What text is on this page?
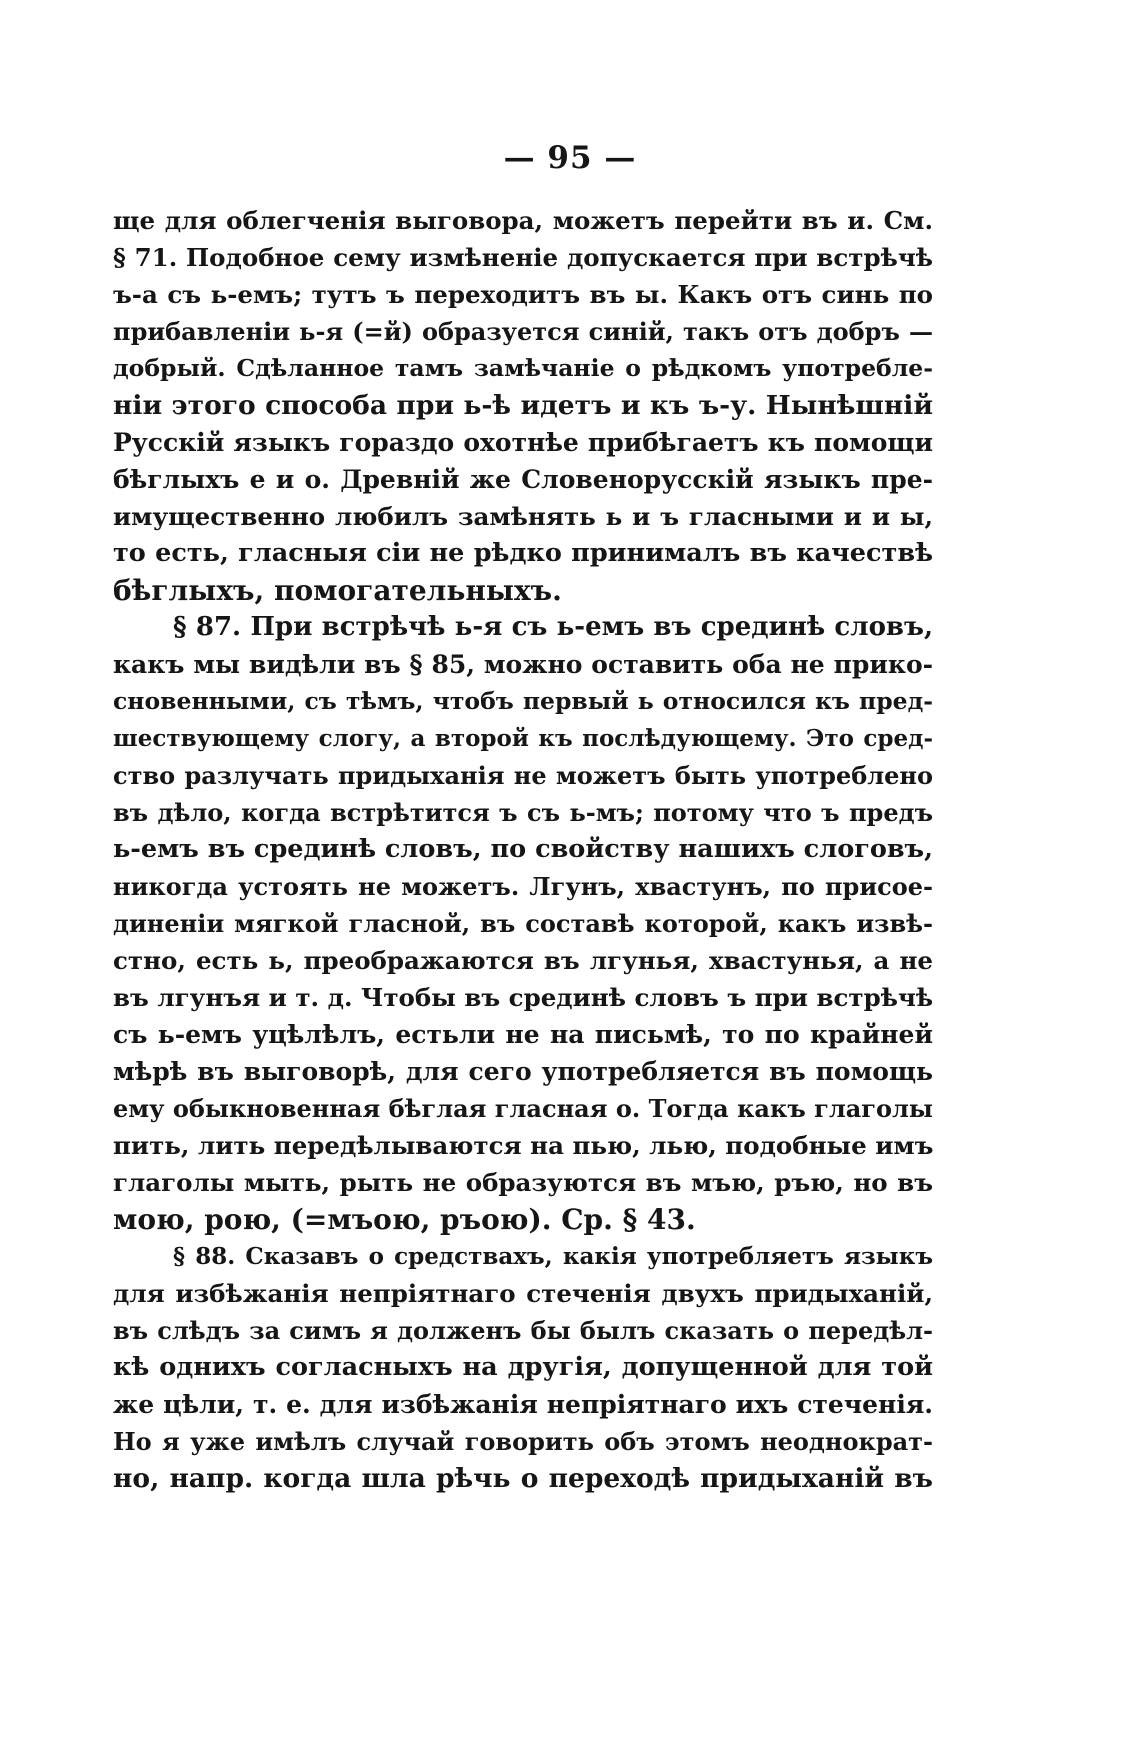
— 95 —
ще для облегченія выговора, можетъ перейти въ и. См.
§ 71. Подобное сему измѣненіе допускается при встрѣчѣ
ъ-а съ ь-емъ; тутъ ъ переходитъ въ ы. Какъ отъ синь по
прибавленіи ь-я (=й) образуется синій, такъ отъ добръ —
добрый. Сдѣланное тамъ замѣчаніе о рѣдкомъ употребле-
ніи этого способа при ь-ѣ идетъ и къ ъ-у. Нынѣшній
Русскій языкъ гораздо охотнѣе прибѣгаетъ къ помощи
бѣглыхъ е и о. Древній же Словенорусскій языкъ пре-
имущественно любилъ замѣнять ь и ъ гласными и и ы,
то есть, гласныя сіи не рѣдко принималъ въ качествѣ
бѣглыхъ, помогательныхъ.
§ 87. При встрѣчѣ ь-я съ ь-емъ въ срединѣ словъ,
какъ мы видѣли въ § 85, можно оставить оба не прико-
сновенными, съ тѣмъ, чтобъ первый ь относился къ пред-
шествующему слогу, а второй къ послѣдующему. Это сред-
ство разлучать придыханія не можетъ быть употреблено
въ дѣло, когда встрѣтится ъ съ ь-мъ; потому что ъ предъ
ь-емъ въ срединѣ словъ, по свойству нашихъ слоговъ,
никогда устоять не можетъ. Лгунъ, хвастунъ, по присое-
диненіи мягкой гласной, въ составѣ которой, какъ извѣ-
стно, есть ь, преображаются въ лгунья, хвастунья, а не
въ лгунъя и т. д. Чтобы въ срединѣ словъ ъ при встрѣчѣ
съ ь-емъ уцѣлѣлъ, естьли не на письмѣ, то по крайней
мѣрѣ въ выговорѣ, для сего употребляется въ помощь
ему обыкновенная бѣглая гласная о. Тогда какъ глаголы
пить, лить передѣлываются на пью, лью, подобные имъ
глаголы мыть, рыть не образуются въ мъю, ръю, но въ
мою, рою, (=мъою, ръою). Ср. § 43.
§ 88. Сказавъ о средствахъ, какія употребляетъ языкъ
для избѣжанія непріятнаго стеченія двухъ придыханій,
въ слѣдъ за симъ я долженъ бы былъ сказать о передѣл-
кѣ однихъ согласныхъ на другія, допущенной для той
же цѣли, т. е. для избѣжанія непріятнаго ихъ стеченія.
Но я уже имѣлъ случай говорить объ этомъ неоднократ-
но, напр. когда шла рѣчь о переходѣ придыханій въ
